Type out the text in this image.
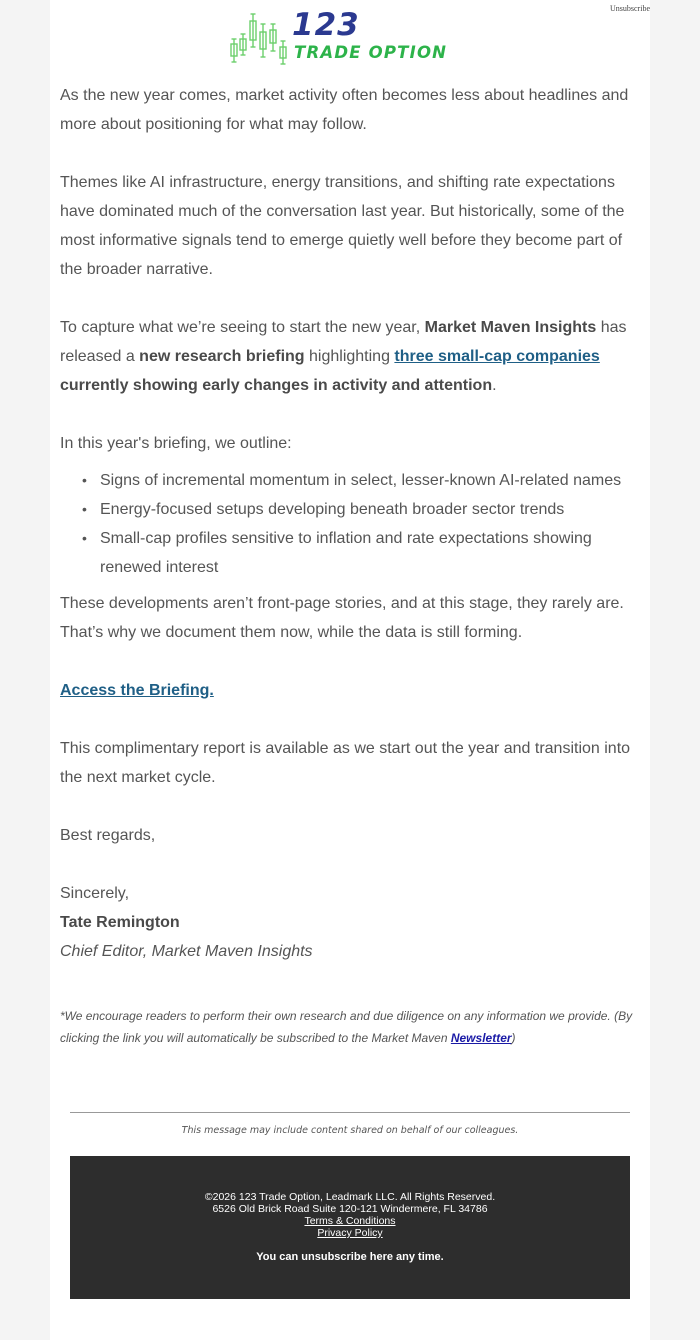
Unsubscribe
123
TRADE OPTION

As the new year comes, market activity often becomes less about headlines and more about positioning for what may follow.

Themes like AI infrastructure, energy transitions, and shifting rate expectations have dominated much of the conversation last year. But historically, some of the most informative signals tend to emerge quietly well before they become part of the broader narrative.

To capture what we’re seeing to start the new year, Market Maven Insights has released a new research briefing highlighting three small-cap companies currently showing early changes in activity and attention.

In this year's briefing, we outline:

• Signs of incremental momentum in select, lesser-known AI-related names
• Energy-focused setups developing beneath broader sector trends
• Small-cap profiles sensitive to inflation and rate expectations showing renewed interest

These developments aren’t front-page stories, and at this stage, they rarely are. That’s why we document them now, while the data is still forming.

Access the Briefing.

This complimentary report is available as we start out the year and transition into the next market cycle.

Best regards,

Sincerely,

Tate Remington

Chief Editor, Market Maven Insights

*We encourage readers to perform their own research and due diligence on any information we provide. (By clicking the link you will automatically be subscribed to the Market Maven Newsletter)
This message may include content shared on behalf of our colleagues.
©2026 123 Trade Option, Leadmark LLC. All Rights Reserved.
6526 Old Brick Road Suite 120-121 Windermere, FL 34786
Terms & Conditions
Privacy Policy
You can unsubscribe here any time.
